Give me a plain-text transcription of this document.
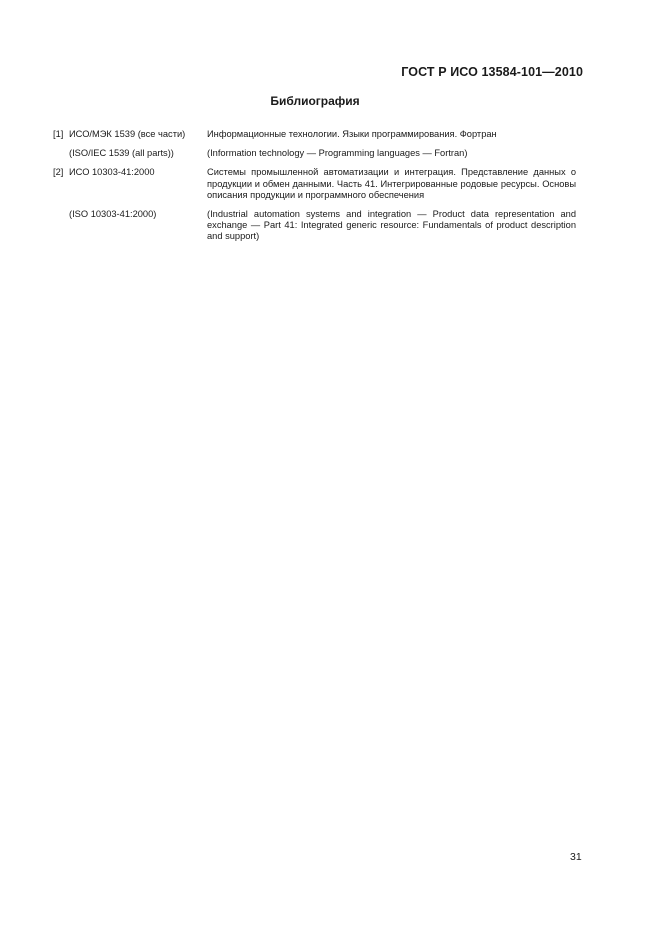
ГОСТ Р ИСО 13584-101—2010
Библиография
[1] ИСО/МЭК 1539 (все части)	Информационные технологии. Языки программирования. Фортран
(ISO/IEC 1539 (all parts))	(Information technology — Programming languages — Fortran)
[2] ИСО 10303-41:2000	Системы промышленной автоматизации и интеграция. Представление данных о продукции и обмен данными. Часть 41. Интегрированные родовые ресурсы. Основы описания продукции и программного обеспечения
(ISO 10303-41:2000)	(Industrial automation systems and integration — Product data representation and exchange — Part 41: Integrated generic resource: Fundamentals of product description and support)
31
